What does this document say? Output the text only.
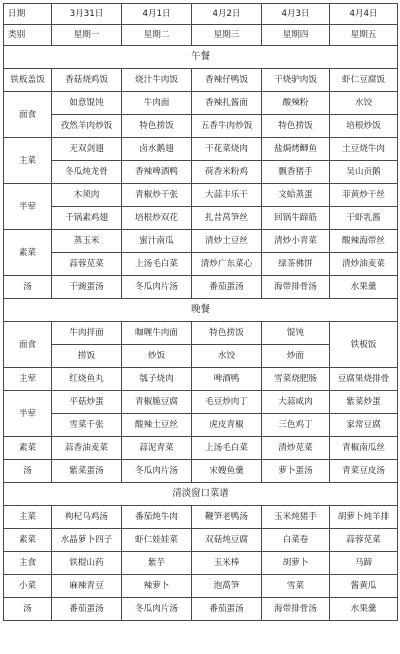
日期	3月31日	4月1日	4月2日	4月3日	4月4日
类别	星期一	星期二	星期三	星期四	星期五
午餐					
铁板盖饭	香菇烧鸡饭	烧汁牛肉饭	香辣仔鸭饭	干烧驴肉饭	虾仁豆腐饭
面食	如意馄饨	牛肉面	香辣扎酱面	酸辣粉	水饺
	孜然羊肉炒饭	特色捞饭	五香牛肉炒饭	特色捞饭	培根炒饭
主菜	无双剑翅	卤水鹅翅	干花菜烧肉	盐焗烤鲫鱼	土豆烧牛肉
	冬瓜炖龙骨	香辣啤酒鸭	荷香米粉鸡	飘香猪手	吴山贡鹅
半荤	木须肉	青椒炒干张	大蒜丰乐干	文蛤蒸蛋	菲黄炒干丝
	千锅素鸡翅	培根炒双花	扎昔莴笋丝	回锅牛蹄筋	干虾乳酱
素菜	蒸玉米	蜜汁南瓜	清炒土豆丝	清炒小青菜	酸辣海带丝
	蒜蓉苋菜	上汤毛白菜	清炒广东菜心	绿茶佛饼	清炒油麦菜
汤	干豌蛋汤	冬瓜肉片汤	番茄蛋汤	海带排骨汤	水果羹
晚餐					
面食	牛肉拌面	咖喱牛肉面	特色捞饭	馄饨	铁板饭
	捞饭	炒饭	水饺	炒面	
主荤	红烧鱼丸	瓠子烧肉	啤酒鸭	雪菜烧肥肠	豆腐果烧排骨
半荤	平菇炒蛋	青椒脆豆腐	毛豆炒肉丁	大蒜咸肉	紫菜炒蛋
	雪菜千张	酸辣土豆丝	虎皮青椒	三色鸡丁	家常豆腐
素菜	蒜香油麦菜	蒜泥青菜	上汤毛白菜	清炒苋菜	青椒南瓜丝
汤	紫菜蛋汤	冬瓜肉片汤	宋嫂鱼羹	萝卜蛋汤	青菜豆皮汤
清淡窗口菜谱					
主菜	枸杞乌鸡汤	番茄炖牛肉	鞭笋老鸭汤	玉米炖猪手	胡萝卜炖羊排
素菜	水晶萝卜四子	虾仁娃娃菜	双菇炖豆腐	白菜卷	蒜蓉苋菜
主食	铁棍山药	紫芋	玉米棒	胡萝卜	马蹄
小菜	麻辣青豆	辣萝卜	泡萵笋	雪菜	酱黄瓜
汤	番茄蛋汤	冬瓜肉片汤	番茄蛋汤	海带排骨汤	水果羹
